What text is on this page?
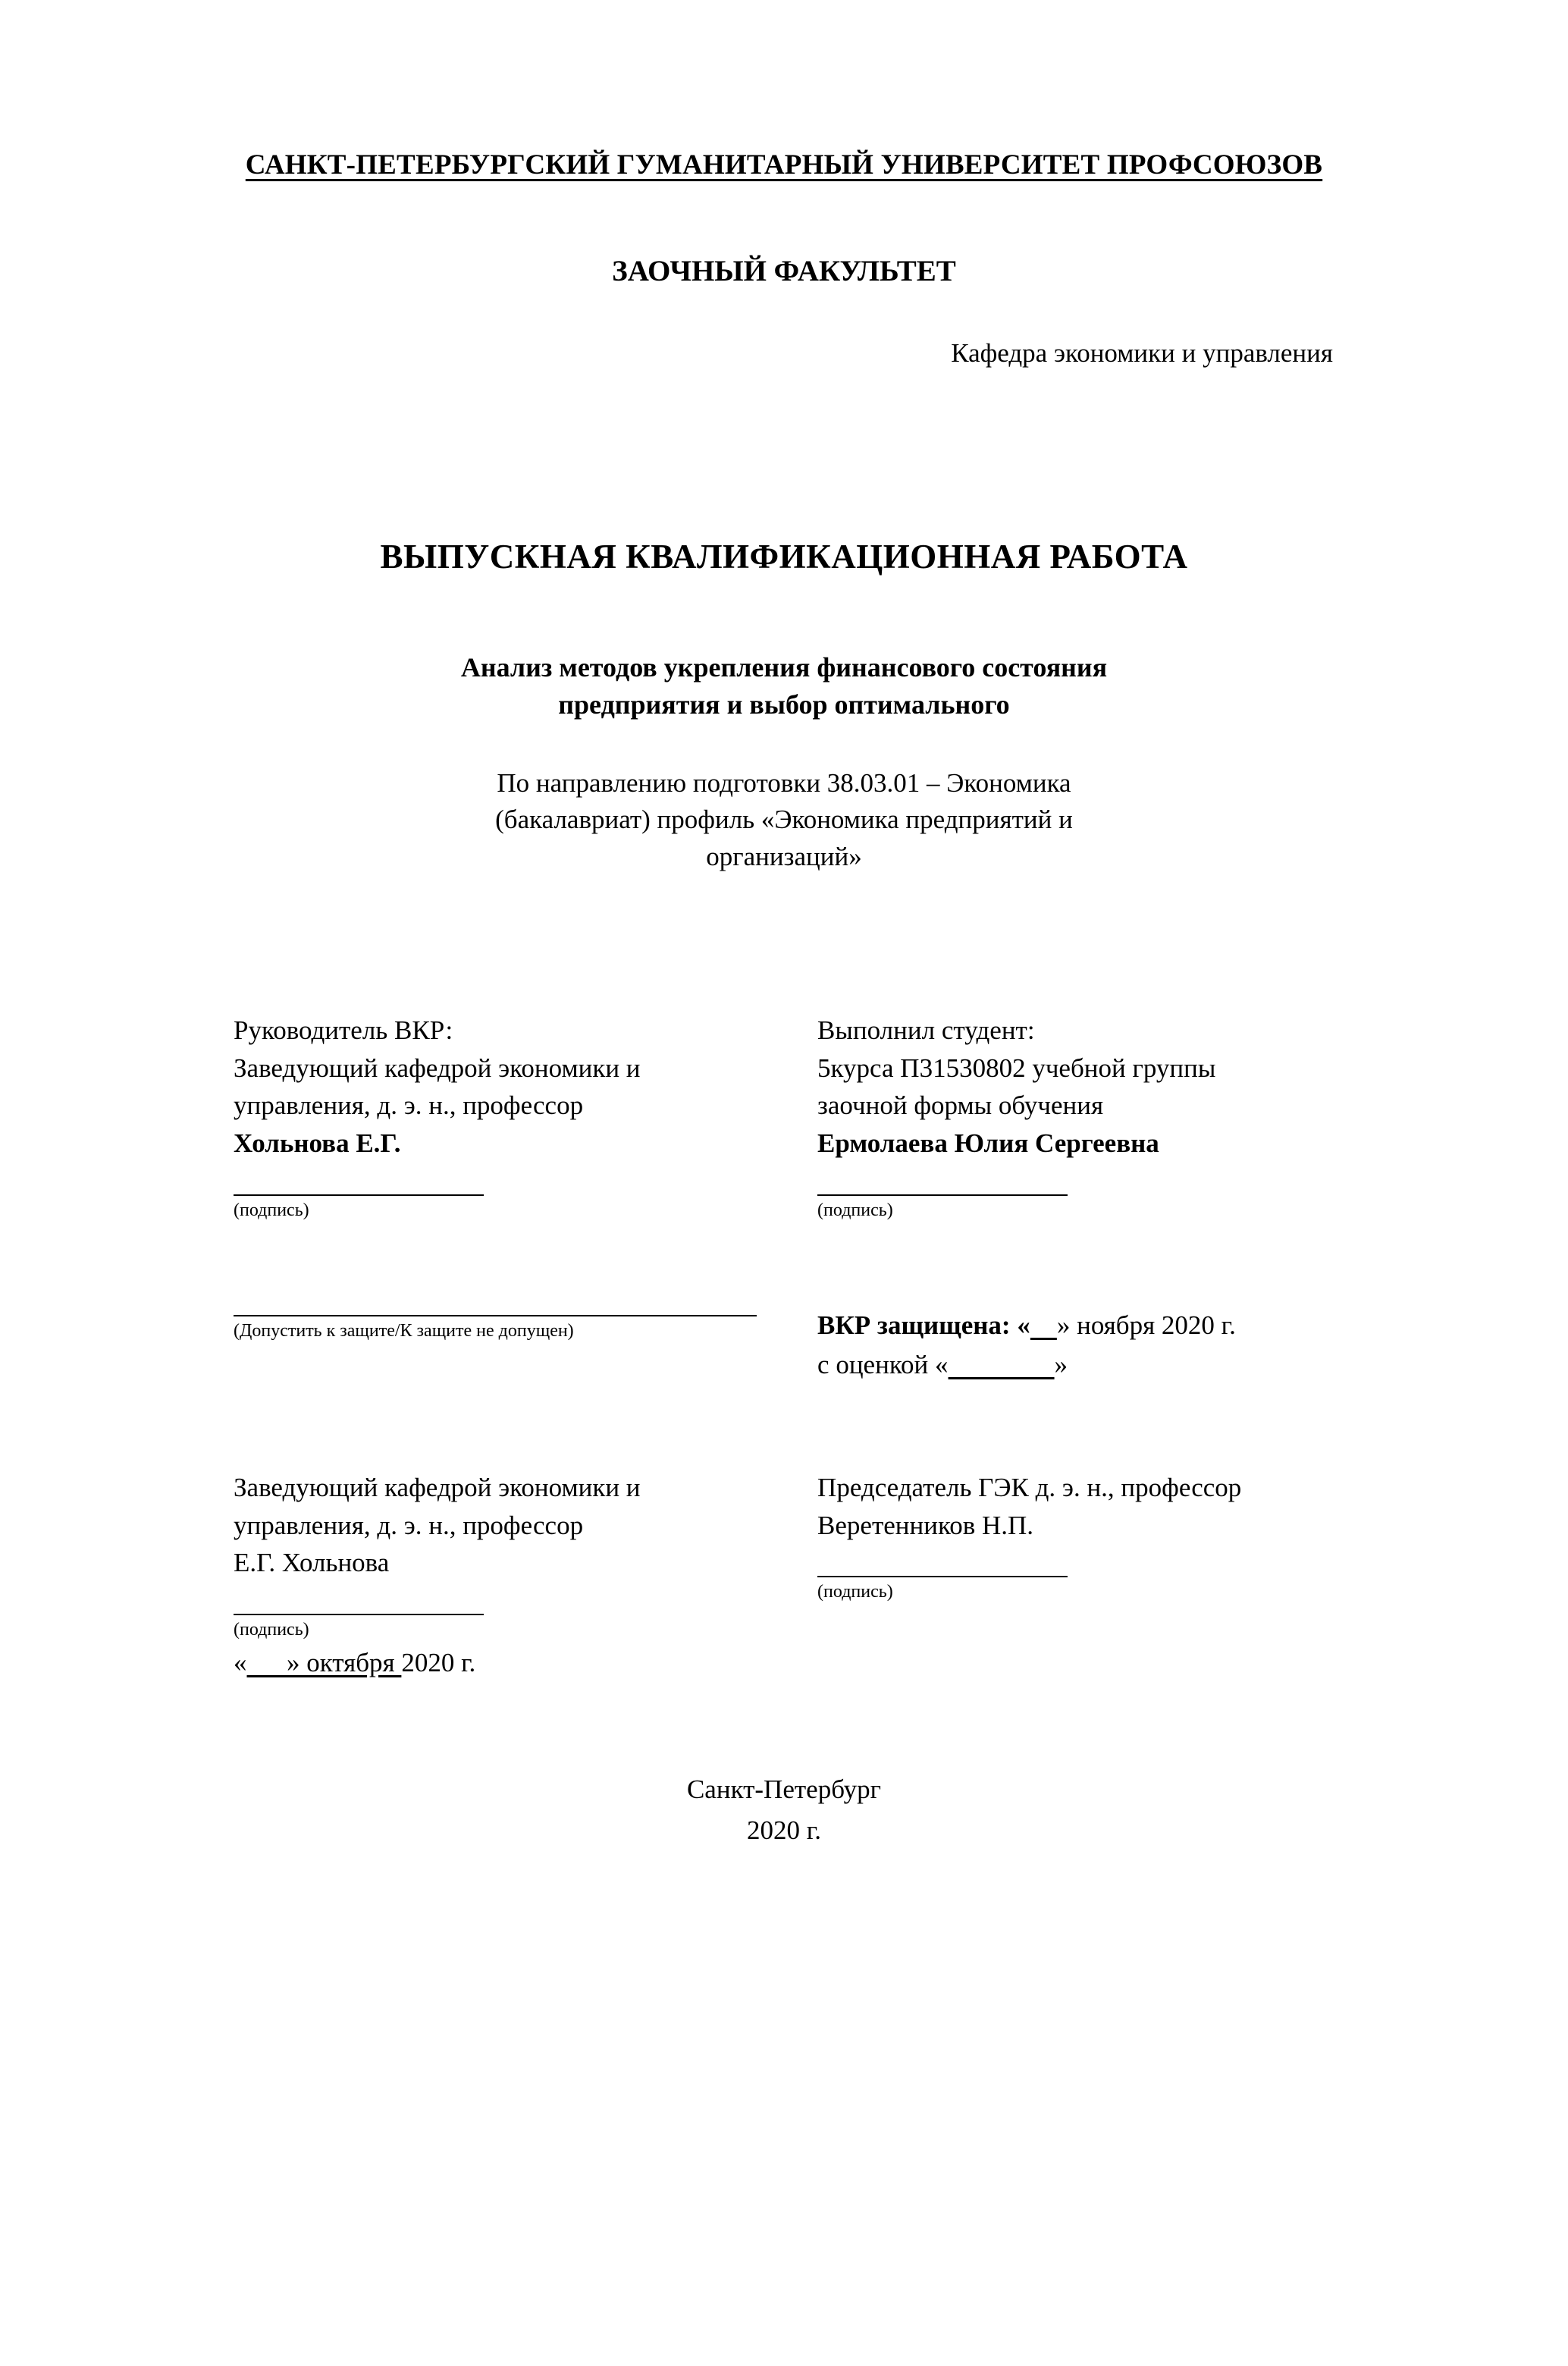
САНКТ-ПЕТЕРБУРГСКИЙ ГУМАНИТАРНЫЙ УНИВЕРСИТЕТ ПРОФСОЮЗОВ
ЗАОЧНЫЙ ФАКУЛЬТЕТ
Кафедра экономики и управления
ВЫПУСКНАЯ КВАЛИФИКАЦИОННАЯ РАБОТА
Анализ методов укрепления финансового состояния
предприятия и выбор оптимального
По направлению подготовки 38.03.01 – Экономика
(бакалавриат) профиль «Экономика предприятий и
организаций»
Руководитель ВКР:
Заведующий кафедрой экономики и
управления, д. э. н., профессор
Хольнова Е.Г.
(подпись)
Выполнил студент:
5курса П31530802 учебной группы
заочной формы обучения
Ермолаева Юлия Сергеевна
(подпись)
(Допустить к защите/К защите не допущен)	ВКР защищена: « » ноября 2020 г.
с оценкой «	»
Заведующий кафедрой экономики и
управления, д. э. н., профессор
Е.Г. Хольнова
(подпись)
« » октября 2020 г.
Председатель ГЭК д. э. н., профессор
Веретенников Н.П.
(подпись)
Санкт-Петербург
2020 г.
